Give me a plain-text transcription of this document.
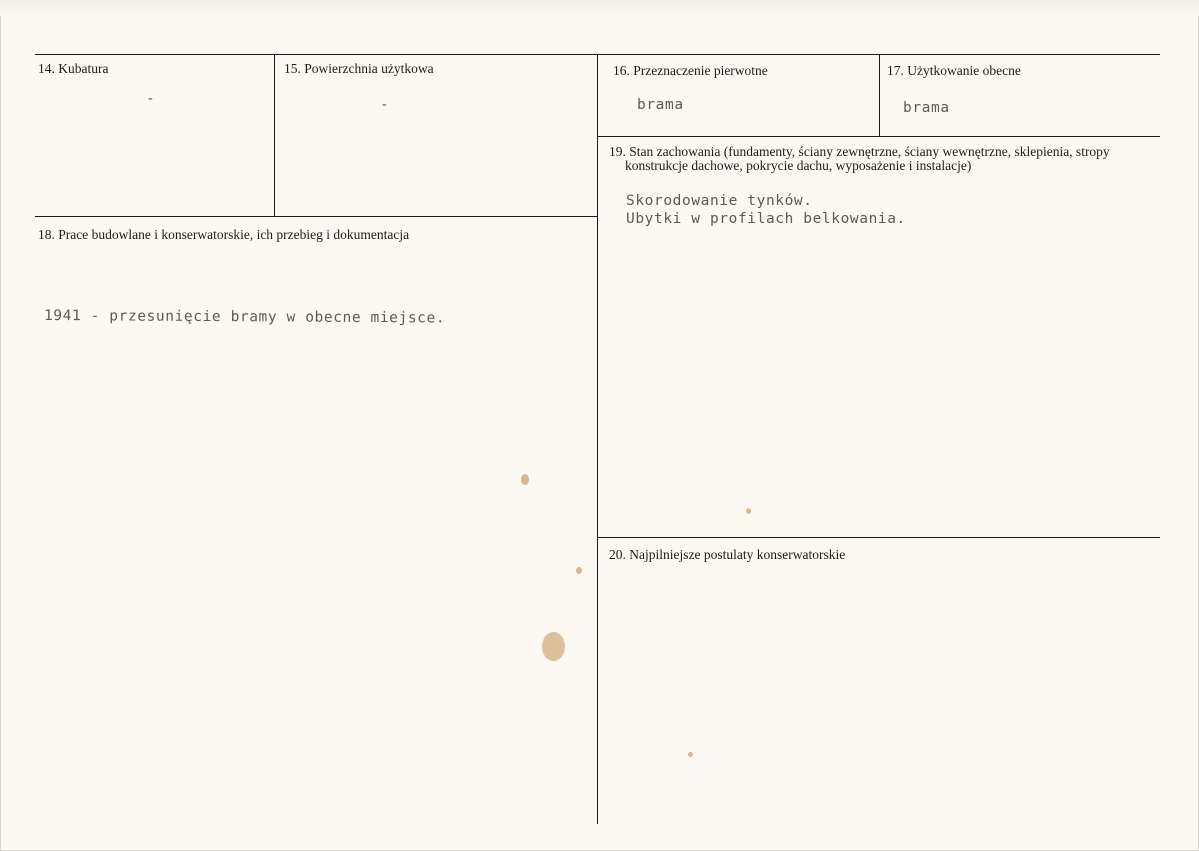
14. Kubatura
-
15. Powierzchnia użytkowa
-
16. Przeznaczenie pierwotne
brama
17. Użytkowanie obecne
brama
18. Prace budowlane i konserwatorskie, ich przebieg i dokumentacja
1941 - przesunięcie bramy w obecne miejsce.
19. Stan zachowania (fundamenty, ściany zewnętrzne, ściany wewnętrzne, sklepienia, stropy
konstrukcje dachowe, pokrycie dachu, wyposażenie i instalacje)
Skorodowanie tynków.
Ubytki w profilach belkowania.
20. Najpilniejsze postulaty konserwatorskie
